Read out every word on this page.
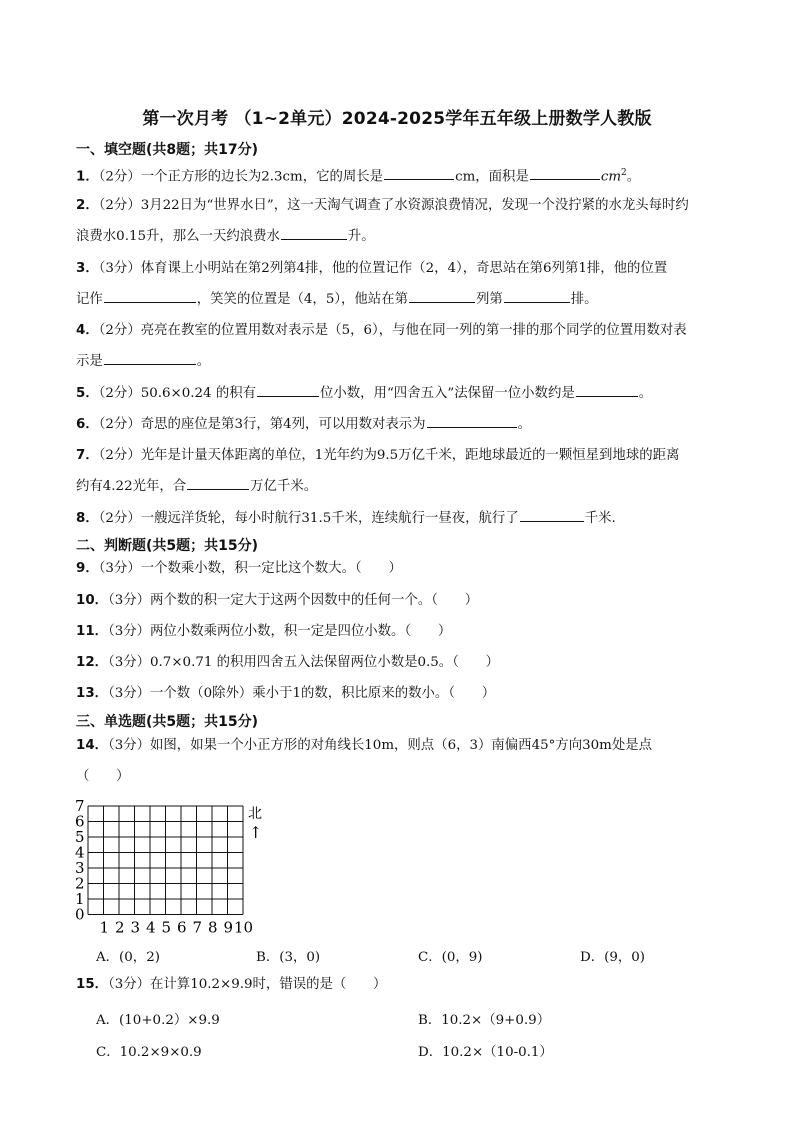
第一次月考 （1~2单元）2024-2025学年五年级上册数学人教版
一、填空题(共8题；共17分)
1．（2分）一个正方形的边长为2.3cm，它的周长是	cm，面积是	$cm^2$。
2．（2分）3月22日为“世界水日”，这一天淘气调查了水资源浪费情况，发现一个没拧紧的水龙头每时约
浪费水0.15升，那么一天约浪费水	升。
3．（3分）体育课上小明站在第2列第4排，他的位置记作（2，4），奇思站在第6列第1排，他的位置
记作	，笑笑的位置是（4，5），他站在第	列第	排。
4．（2分）亮亮在教室的位置用数对表示是（5，6），与他在同一列的第一排的那个同学的位置用数对表
示是	。
5．（2分）50.6×0.24 的积有	位小数，用“四舍五入”法保留一位小数约是	。
6．（2分）奇思的座位是第3行，第4列，可以用数对表示为	。
7．（2分）光年是计量天体距离的单位，1光年约为9.5万亿千米，距地球最近的一颗恒星到地球的距离
约有4.22光年，合	万亿千米。
8．（2分）一艘远洋货轮，每小时航行31.5千米，连续航行一昼夜，航行了	千米.
二、判断题(共5题；共15分)
9．（3分）一个数乘小数，积一定比这个数大。（　　）
10．（3分）两个数的积一定大于这两个因数中的任何一个。（　　）
11．（3分）两位小数乘两位小数，积一定是四位小数。（　　）
12．（3分）0.7×0.71 的积用四舍五入法保留两位小数是0.5。（　　）
13．（3分）一个数（0除外）乘小于1的数，积比原来的数小。（　　）
三、单选题(共5题；共15分)
14．（3分）如图，如果一个小正方形的对角线长10m，则点（6，3）南偏西45°方向30m处是点
（　　）
7
6
5
4
3
2
1
0
1 2 3 4 5 6 7 8 9 10
北
↑
A．(0，2)	B．(3，0)	C．(0，9)	D．(9，0)
15．（3分）在计算10.2×9.9时，错误的是（　　）
A．(10+0.2）×9.9	B．10.2×（9+0.9）
C．10.2×9×0.9	D．10.2×（10-0.1）
